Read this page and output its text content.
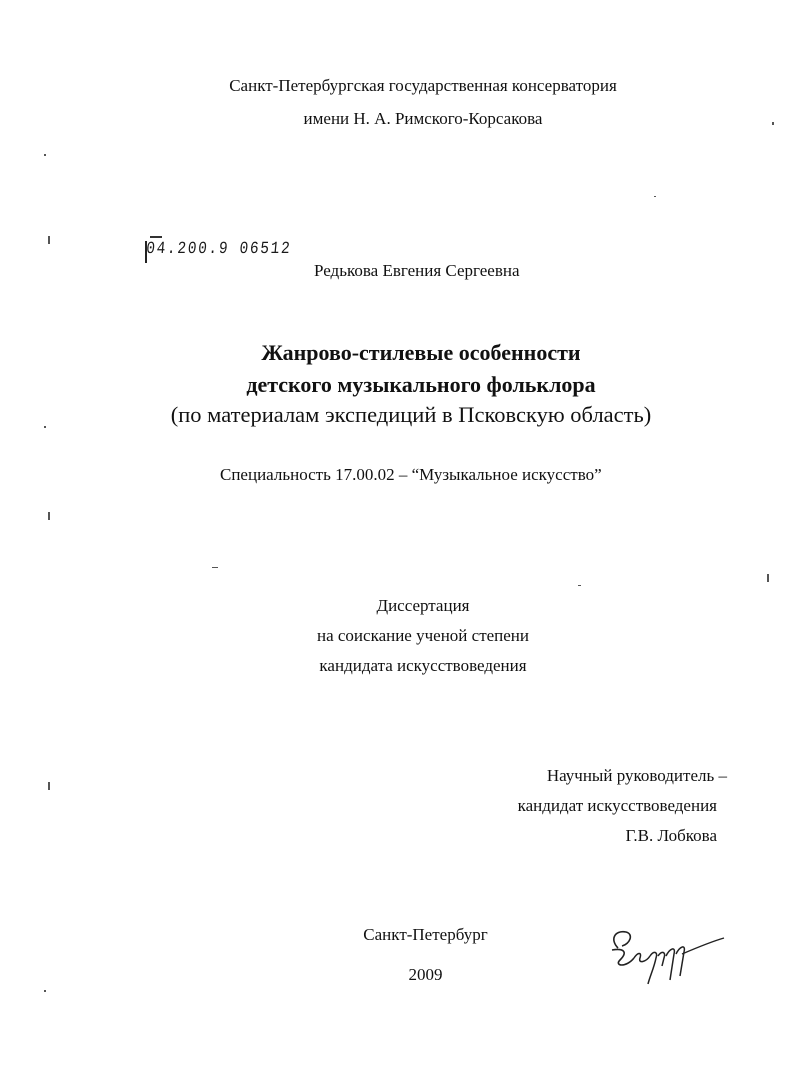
Санкт-Петербургская государственная консерватория
имени Н. А. Римского-Корсакова
04.200.9 06512
Редькова Евгения Сергеевна
Жанрово-стилевые особенности
детского музыкального фольклора
(по материалам экспедиций в Псковскую область)
Специальность 17.00.02 – “Музыкальное искусство”
Диссертация
на соискание ученой степени
кандидата искусствоведения
Научный руководитель –
кандидат искусствоведения
Г.В. Лобкова
Санкт-Петербург
2009
